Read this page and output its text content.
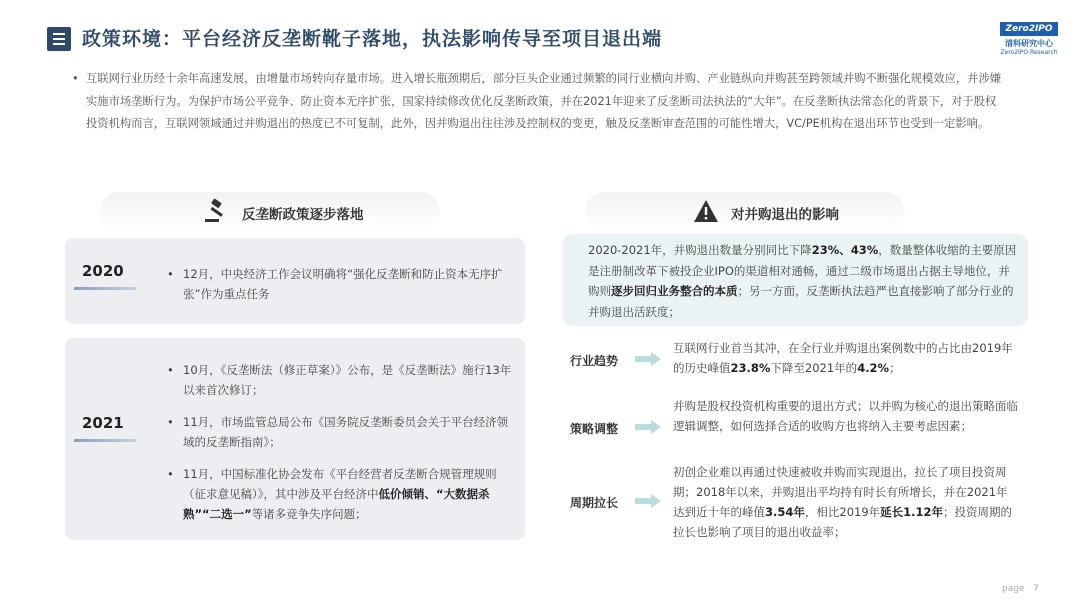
政策环境：平台经济反垄断靴子落地，执法影响传导至项目退出端	Zero2IPO
清科研究中心
Zero2IPO Research
• 互联网行业历经十余年高速发展，由增量市场转向存量市场。进入增长瓶颈期后，部分巨头企业通过频繁的同行业横向并购、产业链纵向并购甚至跨领域并购不断强化规模效应，并涉嫌实施市场垄断行为。为保护市场公平竞争、防止资本无序扩张，国家持续修改优化反垄断政策，并在2021年迎来了反垄断司法执法的“大年”。在反垄断执法常态化的背景下，对于股权投资机构而言，互联网领域通过并购退出的热度已不可复制，此外，因并购退出往往涉及控制权的变更，触及反垄断审查范围的可能性增大，VC/PE机构在退出环节也受到一定影响。
反垄断政策逐步落地
2020	• 12月，中央经济工作会议明确将“强化反垄断和防止资本无序扩张”作为重点任务
2021
• 10月，《反垄断法（修正草案）》公布，是《反垄断法》施行13年以来首次修订；
• 11月，市场监管总局公布《国务院反垄断委员会关于平台经济领域的反垄断指南》；
• 11月，中国标准化协会发布《平台经营者反垄断合规管理规则（征求意见稿）》，其中涉及平台经济中低价倾销、“大数据杀熟”“二选一”等诸多竞争失序问题；
对并购退出的影响
2020-2021年，并购退出数量分别同比下降23%、43%，数量整体收缩的主要原因是注册制改革下被投企业IPO的渠道相对通畅，通过二级市场退出占据主导地位，并购则逐步回归业务整合的本质；另一方面，反垄断执法趋严也直接影响了部分行业的并购退出活跃度；
行业趋势
互联网行业首当其冲，在全行业并购退出案例数中的占比由2019年的历史峰值23.8%下降至2021年的4.2%；
策略调整
并购是股权投资机构重要的退出方式；以并购为核心的退出策略面临逻辑调整，如何选择合适的收购方也将纳入主要考虑因素；
周期拉长
初创企业难以再通过快速被收并购而实现退出，拉长了项目投资周期；2018年以来，并购退出平均持有时长有所增长，并在2021年达到近十年的峰值3.54年，相比2019年延长1.12年；投资周期的拉长也影响了项目的退出收益率；
page 7
